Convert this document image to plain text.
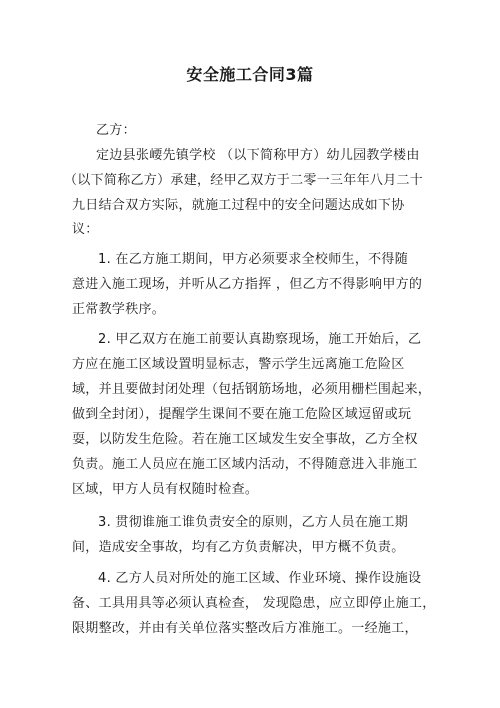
安全施工合同3篇
乙方：
定边县张崾先镇学校 （以下简称甲方）幼儿园教学楼由
（以下简称乙方）承建，经甲乙双方于二零一三年年八月二十
九日结合双方实际，就施工过程中的安全问题达成如下协
议：
1. 在乙方施工期间，甲方必须要求全校师生，不得随
意进入施工现场，并听从乙方指挥 ，但乙方不得影响甲方的
正常教学秩序。
2. 甲乙双方在施工前要认真勘察现场，施工开始后，乙
方应在施工区域设置明显标志，警示学生远离施工危险区
域，并且要做封闭处理（包括钢筋场地，必须用栅栏围起来，
做到全封闭），提醒学生课间不要在施工危险区域逗留或玩
耍，以防发生危险。若在施工区域发生安全事故，乙方全权
负责。施工人员应在施工区域内活动，不得随意进入非施工
区域，甲方人员有权随时检查。
3. 贯彻谁施工谁负责安全的原则，乙方人员在施工期
间，造成安全事故，均有乙方负责解决，甲方概不负责。
4. 乙方人员对所处的施工区域、作业环境、操作设施设
备、工具用具等必须认真检查， 发现隐患，应立即停止施工，
限期整改，并由有关单位落实整改后方准施工。一经施工，
